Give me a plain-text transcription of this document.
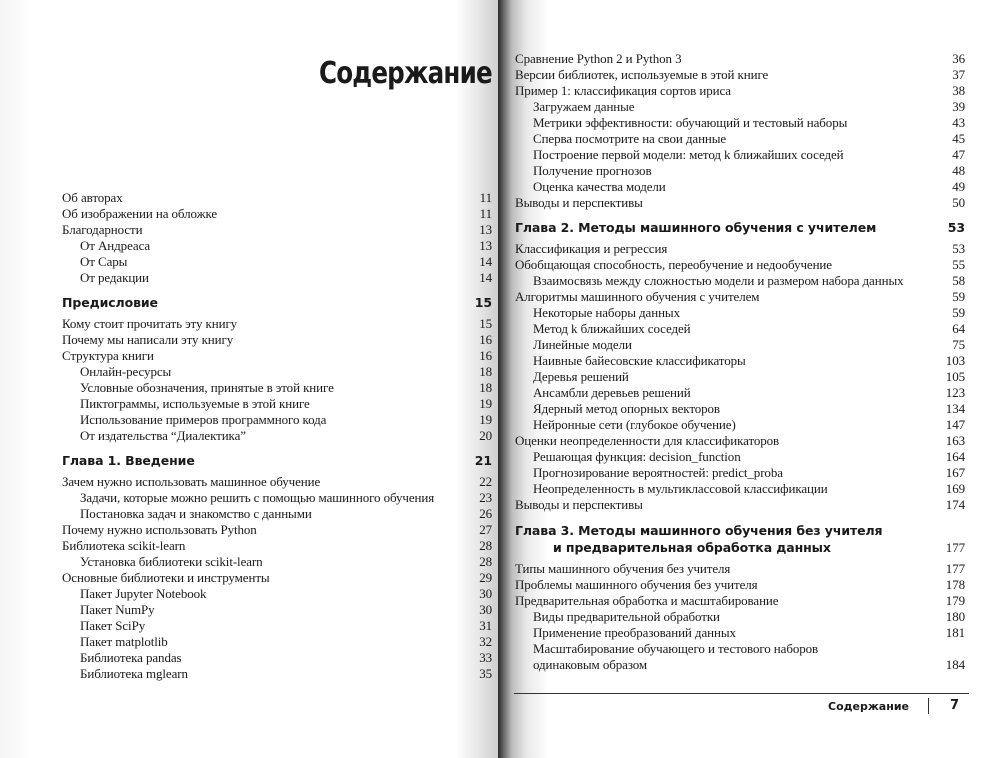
Содержание
Об авторах	11
Об изображении на обложке	11
Благодарности	13
От Андреаса	13
От Сары	14
От редакции	14
Предисловие	15
Кому стоит прочитать эту книгу	15
Почему мы написали эту книгу	16
Структура книги	16
Онлайн-ресурсы	18
Условные обозначения, принятые в этой книге	18
Пиктограммы, используемые в этой книге	19
Использование примеров программного кода	19
От издательства “Диалектика”	20
Глава 1. Введение	21
Зачем нужно использовать машинное обучение	22
Задачи, которые можно решить с помощью машинного обучения	23
Постановка задач и знакомство с данными	26
Почему нужно использовать Python	27
Библиотека scikit-learn	28
Установка библиотеки scikit-learn	28
Основные библиотеки и инструменты	29
Пакет Jupyter Notebook	30
Пакет NumPy	30
Пакет SciPy	31
Пакет matplotlib	32
Библиотека pandas	33
Библиотека mglearn	35
Сравнение Python 2 и Python 3	36
Версии библиотек, используемые в этой книге	37
Пример 1: классификация сортов ириса	38
Загружаем данные	39
Метрики эффективности: обучающий и тестовый наборы	43
Сперва посмотрите на свои данные	45
Построение первой модели: метод k ближайших соседей	47
Получение прогнозов	48
Оценка качества модели	49
Выводы и перспективы	50
Глава 2. Методы машинного обучения с учителем	53
Классификация и регрессия	53
Обобщающая способность, переобучение и недообучение	55
Взаимосвязь между сложностью модели и размером набора данных	58
Алгоритмы машинного обучения с учителем	59
Некоторые наборы данных	59
Метод k ближайших соседей	64
Линейные модели	75
Наивные байесовские классификаторы	103
Деревья решений	105
Ансамбли деревьев решений	123
Ядерный метод опорных векторов	134
Нейронные сети (глубокое обучение)	147
Оценки неопределенности для классификаторов	163
Решающая функция: decision_function	164
Прогнозирование вероятностей: predict_proba	167
Неопределенность в мультиклассовой классификации	169
Выводы и перспективы	174
Глава 3. Методы машинного обучения без учителя
и предварительная обработка данных	177
Типы машинного обучения без учителя	177
Проблемы машинного обучения без учителя	178
Предварительная обработка и масштабирование	179
Виды предварительной обработки	180
Применение преобразований данных	181
Масштабирование обучающего и тестового наборов
одинаковым образом	184
Содержание	7
